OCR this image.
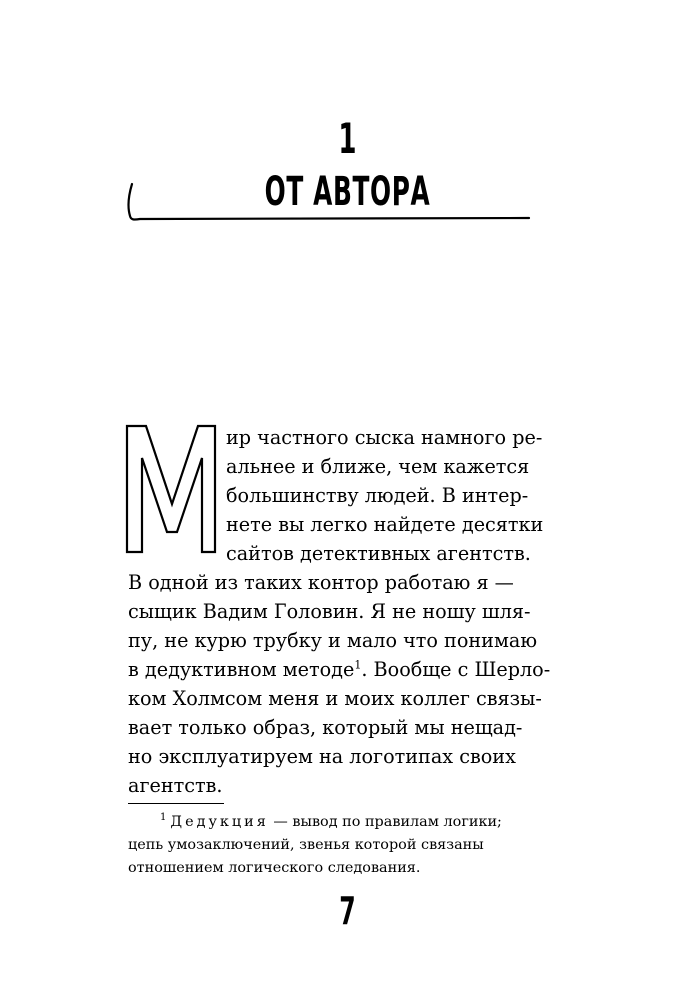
1
ОТ АВТОРА
ир частного сыска намного ре-
альнее и ближе, чем кажется
большинству людей. В интер-
нете вы легко найдете десятки
сайтов детективных агентств.
В одной из таких контор работаю я —
сыщик Вадим Головин. Я не ношу шля-
пу, не курю трубку и мало что понимаю
в дедуктивном методе$^1$. Вообще с Шерло-
ком Холмсом меня и моих коллег связы-
вает только образ, который мы нещад-
но эксплуатируем на логотипах своих
агентств.
$^1$ Дедукция — вывод по правилам логики;
цепь умозаключений, звенья которой связаны
отношением логического следования.
7
